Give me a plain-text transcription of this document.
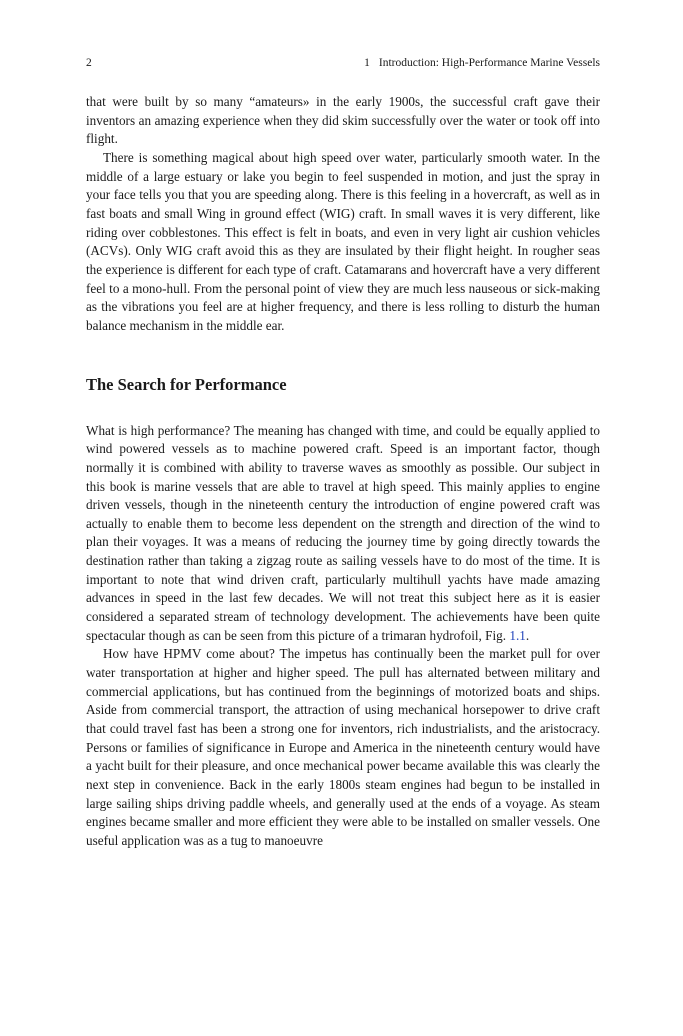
2	1 Introduction: High-Performance Marine Vessels

that were built by so many “amateurs» in the early 1900s, the successful craft gave their inventors an amazing experience when they did skim successfully over the water or took off into flight.

There is something magical about high speed over water, particularly smooth water. In the middle of a large estuary or lake you begin to feel suspended in motion, and just the spray in your face tells you that you are speeding along. There is this feeling in a hovercraft, as well as in fast boats and small Wing in ground effect (WIG) craft. In small waves it is very different, like riding over cobblestones. This effect is felt in boats, and even in very light air cushion vehicles (ACVs). Only WIG craft avoid this as they are insulated by their flight height. In rougher seas the experience is different for each type of craft. Catamarans and hovercraft have a very different feel to a mono-hull. From the personal point of view they are much less nauseous or sick-making as the vibrations you feel are at higher frequency, and there is less rolling to disturb the human balance mechanism in the middle ear.

The Search for Performance

What is high performance? The meaning has changed with time, and could be equally applied to wind powered vessels as to machine powered craft. Speed is an important factor, though normally it is combined with ability to traverse waves as smoothly as possible. Our subject in this book is marine vessels that are able to travel at high speed. This mainly applies to engine driven vessels, though in the nineteenth century the introduction of engine powered craft was actually to enable them to become less dependent on the strength and direction of the wind to plan their voyages. It was a means of reducing the journey time by going directly towards the destination rather than taking a zigzag route as sailing vessels have to do most of the time. It is important to note that wind driven craft, particularly multihull yachts have made amazing advances in speed in the last few decades. We will not treat this subject here as it is easier considered a separated stream of technology development. The achievements have been quite spectacular though as can be seen from this picture of a trimaran hydrofoil, Fig. 1.1.

How have HPMV come about? The impetus has continually been the market pull for over water transportation at higher and higher speed. The pull has alternated between military and commercial applications, but has continued from the beginnings of motorized boats and ships. Aside from commercial transport, the attraction of using mechanical horsepower to drive craft that could travel fast has been a strong one for inventors, rich industrialists, and the aristocracy. Persons or families of significance in Europe and America in the nineteenth century would have a yacht built for their pleasure, and once mechanical power became available this was clearly the next step in convenience. Back in the early 1800s steam engines had begun to be installed in large sailing ships driving paddle wheels, and generally used at the ends of a voyage. As steam engines became smaller and more efficient they were able to be installed on smaller vessels. One useful application was as a tug to manoeuvre
